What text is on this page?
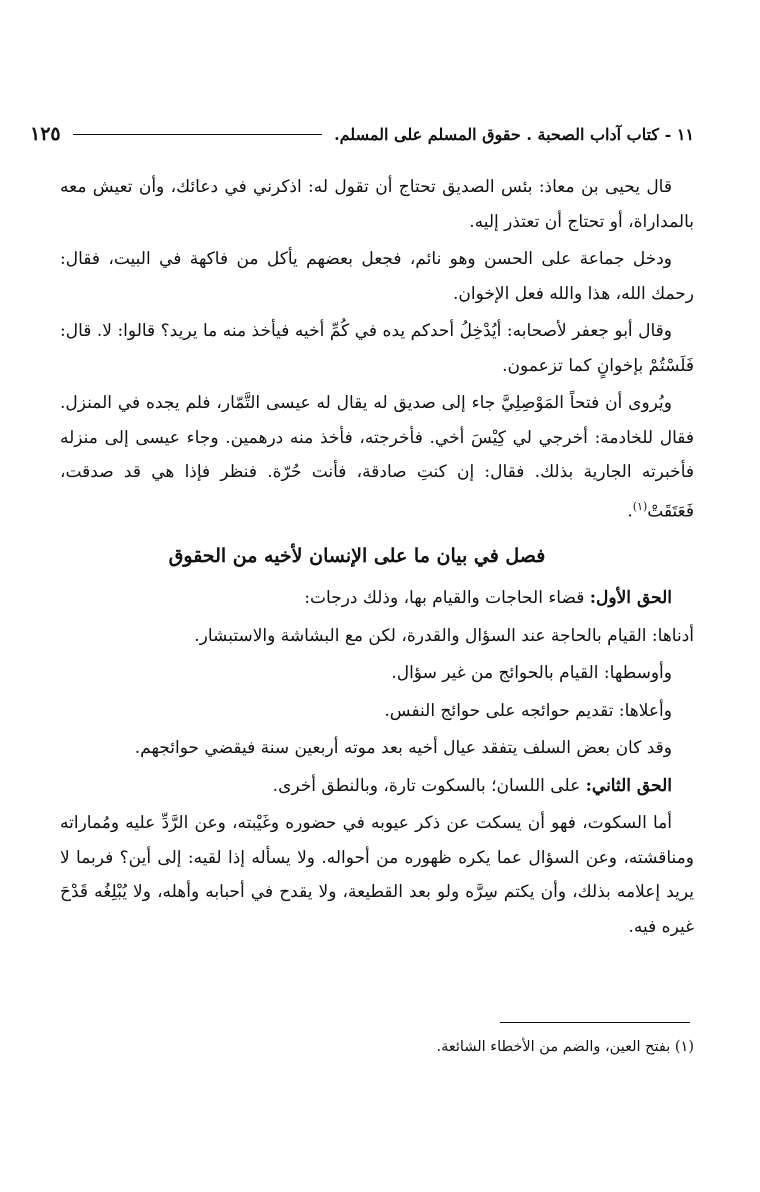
١١ - كتاب آداب الصحبة . حقوق المسلم على المسلم.
١٢٥

قال يحيى بن معاذ: بئس الصديق تحتاج أن تقول له: اذكرني في دعائك، وأن تعيش معه بالمداراة، أو تحتاج أن تعتذر إليه.

ودخل جماعة على الحسن وهو نائم، فجعل بعضهم يأكل من فاكهة في البيت، فقال: رحمك الله، هذا والله فعل الإخوان.

وقال أبو جعفر لأصحابه: أيُدْخِلُ أحدكم يده في كُمِّ أخيه فيأخذ منه ما يريد؟ قالوا: لا. قال: فَلَسْتُمْ بإخوانٍ كما تزعمون.

ويُروى أن فتحاً المَوْصِلِيَّ جاء إلى صديق له يقال له عيسى التَّمّار، فلم يجده في المنزل. فقال للخادمة: أخرجي لي كِيْسَ أخي. فأخرجته، فأخذ منه درهمين. وجاء عيسى إلى منزله فأخبرته الجارية بذلك. فقال: إن كنتِ صادقة، فأنت حُرّة. فنظر فإذا هي قد صدقت، فَعَتَقَتْ$^{(١)}$.

فصل في بيان ما على الإنسان لأخيه من الحقوق

الحق الأول: قضاء الحاجات والقيام بها، وذلك درجات:

أدناها: القيام بالحاجة عند السؤال والقدرة، لكن مع البشاشة والاستبشار.

وأوسطها: القيام بالحوائج من غير سؤال.

وأعلاها: تقديم حوائجه على حوائج النفس.

وقد كان بعض السلف يتفقد عيال أخيه بعد موته أربعين سنة فيقضي حوائجهم.

الحق الثاني: على اللسان؛ بالسكوت تارة، وبالنطق أخرى.

أما السكوت، فهو أن يسكت عن ذكر عيوبه في حضوره وغَيْبته، وعن الرَّدِّ عليه ومُماراته ومناقشته، وعن السؤال عما يكره ظهوره من أحواله. ولا يسأله إذا لقيه: إلى أين؟ فربما لا يريد إعلامه بذلك، وأن يكتم سِرَّه ولو بعد القطيعة، ولا يقدح في أحبابه وأهله، ولا يُبْلِغُه قَدْحَ غيره فيه.

(١) بفتح العين، والضم من الأخطاء الشائعة.
